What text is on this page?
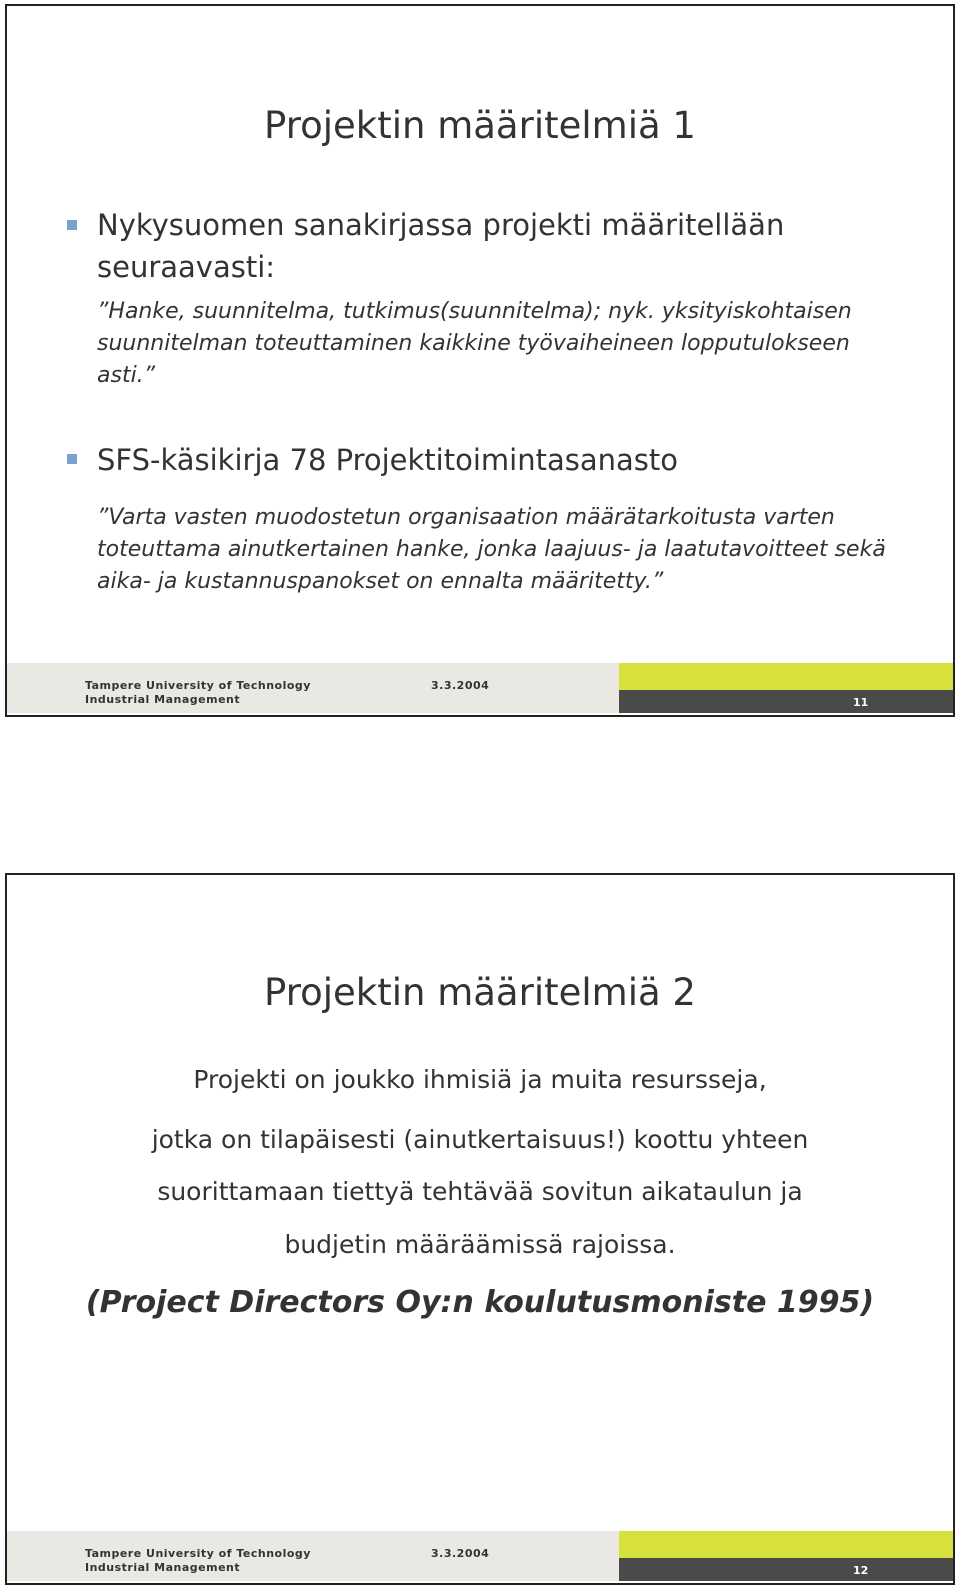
Projektin määritelmiä 1
Nykysuomen sanakirjassa projekti määritellään
seuraavasti:
”Hanke, suunnitelma, tutkimus(suunnitelma); nyk. yksityiskohtaisen
suunnitelman toteuttaminen kaikkine työvaiheineen lopputulokseen
asti.”
SFS-käsikirja 78 Projektitoimintasanasto
”Varta vasten muodostetun organisaation määrätarkoitusta varten
toteuttama ainutkertainen hanke, jonka laajuus- ja laatutavoitteet sekä
aika- ja kustannuspanokset on ennalta määritetty.”
Tampere University of Technology
Industrial Management
3.3.2004
11
Projektin määritelmiä 2
Projekti on joukko ihmisiä ja muita resursseja,
jotka on tilapäisesti (ainutkertaisuus!) koottu yhteen
suorittamaan tiettyä tehtävää sovitun aikataulun ja
budjetin määräämissä rajoissa.
(Project Directors Oy:n koulutusmoniste 1995)
Tampere University of Technology
Industrial Management
3.3.2004
12
